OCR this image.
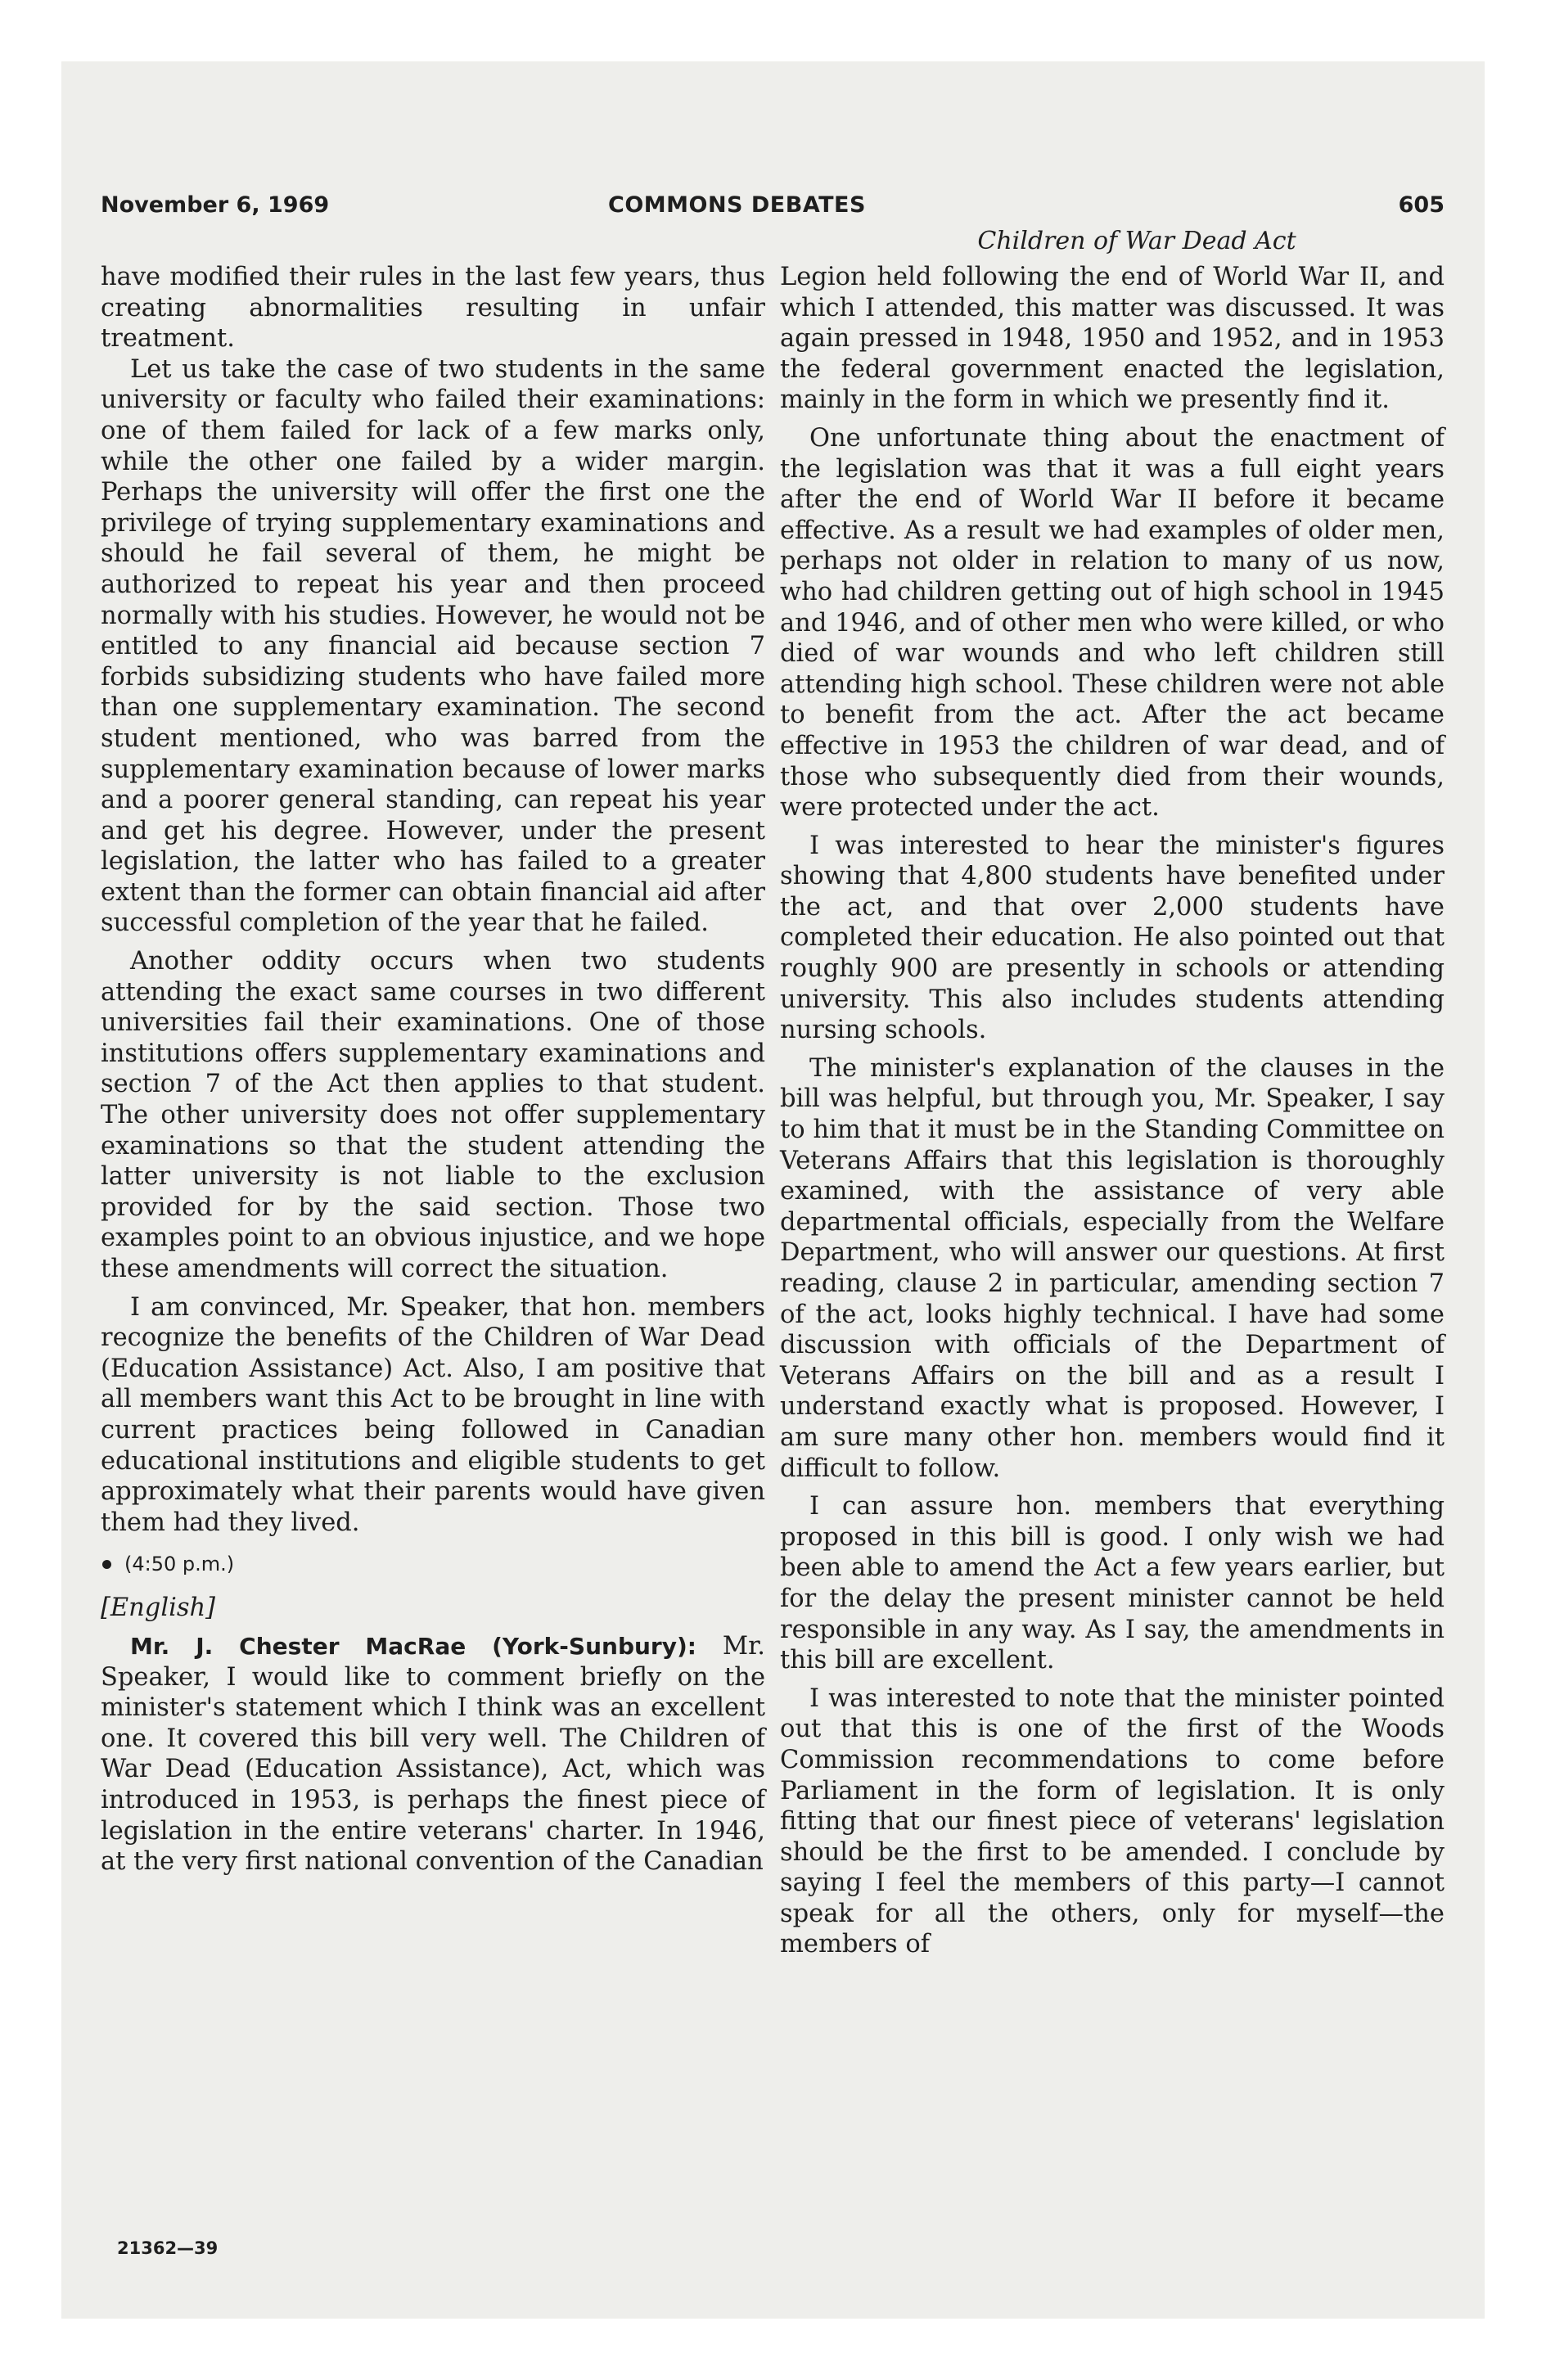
November 6, 1969	COMMONS DEBATES	605
Children of War Dead Act

have modified their rules in the last few years, thus creating abnormalities resulting in unfair treatment.

Let us take the case of two students in the same university or faculty who failed their examinations: one of them failed for lack of a few marks only, while the other one failed by a wider margin. Perhaps the university will offer the first one the privilege of trying supplementary examinations and should he fail several of them, he might be authorized to repeat his year and then proceed normally with his studies. However, he would not be entitled to any financial aid because section 7 forbids subsidizing students who have failed more than one supplementary examination. The second student mentioned, who was barred from the supplementary examination because of lower marks and a poorer general standing, can repeat his year and get his degree. However, under the present legislation, the latter who has failed to a greater extent than the former can obtain financial aid after successful completion of the year that he failed.

Another oddity occurs when two students attending the exact same courses in two different universities fail their examinations. One of those institutions offers supplementary examinations and section 7 of the Act then applies to that student. The other university does not offer supplementary examinations so that the student attending the latter university is not liable to the exclusion provided for by the said section. Those two examples point to an obvious injustice, and we hope these amendments will correct the situation.

I am convinced, Mr. Speaker, that hon. members recognize the benefits of the Children of War Dead (Education Assistance) Act. Also, I am positive that all members want this Act to be brought in line with current practices being followed in Canadian educational institutions and eligible students to get approximately what their parents would have given them had they lived.

(4:50 p.m.)

[English]

Mr. J. Chester MacRae (York-Sunbury): Mr. Speaker, I would like to comment briefly on the minister's statement which I think was an excellent one. It covered this bill very well. The Children of War Dead (Education Assistance), Act, which was introduced in 1953, is perhaps the finest piece of legislation in the entire veterans' charter. In 1946, at the very first national convention of the Canadian

Legion held following the end of World War II, and which I attended, this matter was discussed. It was again pressed in 1948, 1950 and 1952, and in 1953 the federal government enacted the legislation, mainly in the form in which we presently find it.

One unfortunate thing about the enactment of the legislation was that it was a full eight years after the end of World War II before it became effective. As a result we had examples of older men, perhaps not older in relation to many of us now, who had children getting out of high school in 1945 and 1946, and of other men who were killed, or who died of war wounds and who left children still attending high school. These children were not able to benefit from the act. After the act became effective in 1953 the children of war dead, and of those who subsequently died from their wounds, were protected under the act.

I was interested to hear the minister's figures showing that 4,800 students have benefited under the act, and that over 2,000 students have completed their education. He also pointed out that roughly 900 are presently in schools or attending university. This also includes students attending nursing schools.

The minister's explanation of the clauses in the bill was helpful, but through you, Mr. Speaker, I say to him that it must be in the Standing Committee on Veterans Affairs that this legislation is thoroughly examined, with the assistance of very able departmental officials, especially from the Welfare Department, who will answer our questions. At first reading, clause 2 in particular, amending section 7 of the act, looks highly technical. I have had some discussion with officials of the Department of Veterans Affairs on the bill and as a result I understand exactly what is proposed. However, I am sure many other hon. members would find it difficult to follow.

I can assure hon. members that everything proposed in this bill is good. I only wish we had been able to amend the Act a few years earlier, but for the delay the present minister cannot be held responsible in any way. As I say, the amendments in this bill are excellent.

I was interested to note that the minister pointed out that this is one of the first of the Woods Commission recommendations to come before Parliament in the form of legislation. It is only fitting that our finest piece of veterans' legislation should be the first to be amended. I conclude by saying I feel the members of this party—I cannot speak for all the others, only for myself—the members of

21362—39
